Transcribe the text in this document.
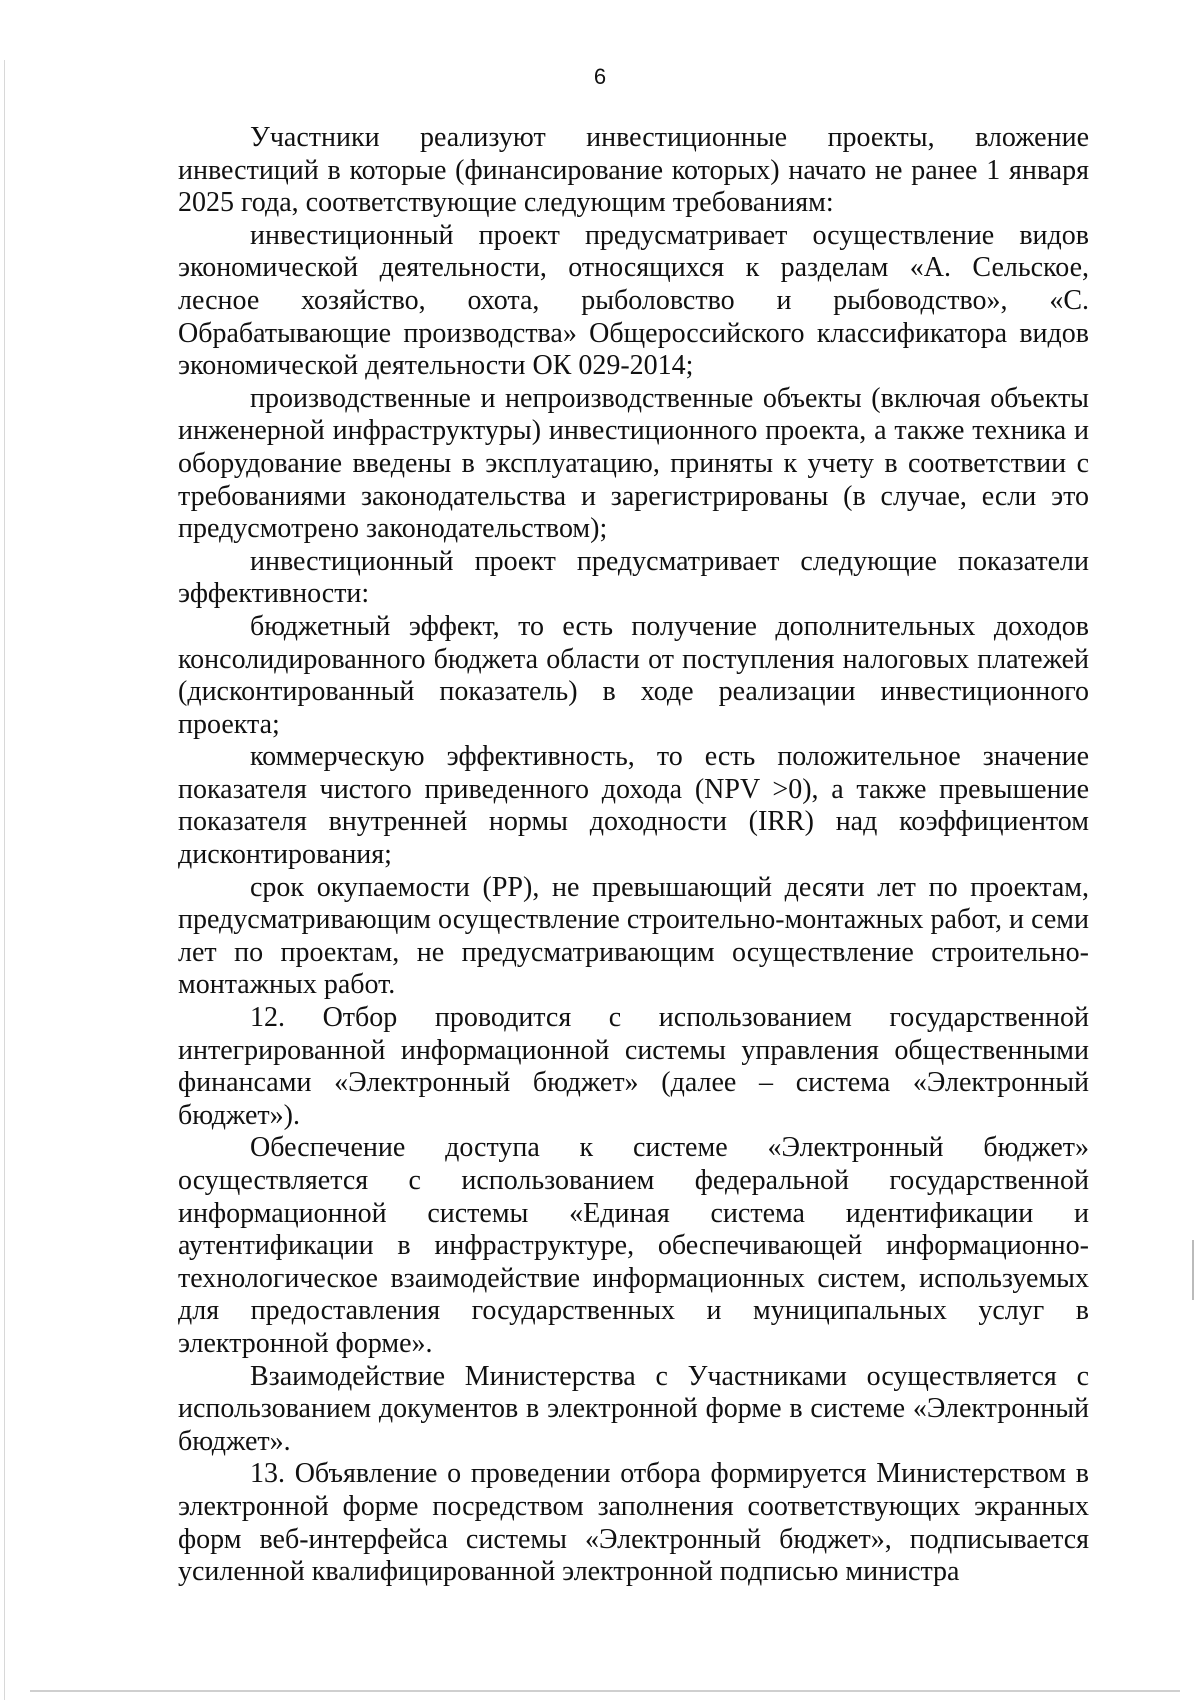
6

Участники реализуют инвестиционные проекты, вложение инвестиций в которые (финансирование которых) начато не ранее 1 января 2025 года, соответствующие следующим требованиям:

инвестиционный проект предусматривает осуществление видов экономической деятельности, относящихся к разделам «А. Сельское, лесное хозяйство, охота, рыболовство и рыбоводство», «С. Обрабатывающие производства» Общероссийского классификатора видов экономической деятельности ОК 029-2014;

производственные и непроизводственные объекты (включая объекты инженерной инфраструктуры) инвестиционного проекта, а также техника и оборудование введены в эксплуатацию, приняты к учету в соответствии с требованиями законодательства и зарегистрированы (в случае, если это предусмотрено законодательством);

инвестиционный проект предусматривает следующие показатели эффективности:

бюджетный эффект, то есть получение дополнительных доходов консолидированного бюджета области от поступления налоговых платежей (дисконтированный показатель) в ходе реализации инвестиционного проекта;

коммерческую эффективность, то есть положительное значение показателя чистого приведенного дохода (NPV >0), а также превышение показателя внутренней нормы доходности (IRR) над коэффициентом дисконтирования;

срок окупаемости (PP), не превышающий десяти лет по проектам, предусматривающим осуществление строительно-монтажных работ, и семи лет по проектам, не предусматривающим осуществление строительно-монтажных работ.

12. Отбор проводится с использованием государственной интегрированной информационной системы управления общественными финансами «Электронный бюджет» (далее – система «Электронный бюджет»).

Обеспечение доступа к системе «Электронный бюджет» осуществляется с использованием федеральной государственной информационной системы «Единая система идентификации и аутентификации в инфраструктуре, обеспечивающей информационно-технологическое взаимодействие информационных систем, используемых для предоставления государственных и муниципальных услуг в электронной форме».

Взаимодействие Министерства с Участниками осуществляется с использованием документов в электронной форме в системе «Электронный бюджет».

13. Объявление о проведении отбора формируется Министерством в электронной форме посредством заполнения соответствующих экранных форм веб-интерфейса системы «Электронный бюджет», подписывается усиленной квалифицированной электронной подписью министра
